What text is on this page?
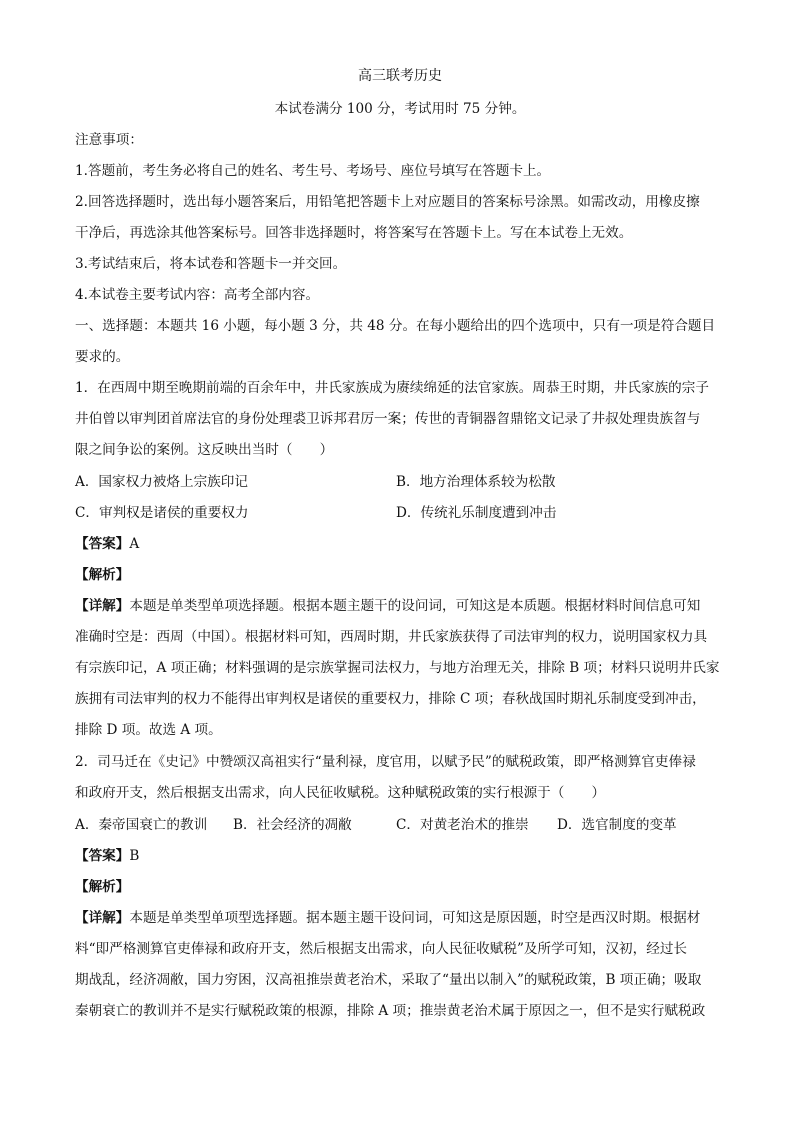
高三联考历史
本试卷满分 100 分，考试用时 75 分钟。
注意事项：
1.答题前，考生务必将自己的姓名、考生号、考场号、座位号填写在答题卡上。
2.回答选择题时，选出每小题答案后，用铅笔把答题卡上对应题目的答案标号涂黑。如需改动，用橡皮擦
干净后，再选涂其他答案标号。回答非选择题时，将答案写在答题卡上。写在本试卷上无效。
3.考试结束后，将本试卷和答题卡一并交回。
4.本试卷主要考试内容：高考全部内容。
一、选择题：本题共 16 小题，每小题 3 分，共 48 分。在每小题给出的四个选项中，只有一项是符合题目
要求的。
1．在西周中期至晚期前端的百余年中，井氏家族成为赓续绵延的法官家族。周恭王时期，井氏家族的宗子
井伯曾以审判团首席法官的身份处理裘卫诉邦君厉一案；传世的青铜器曶鼎铭文记录了井叔处理贵族曶与
限之间争讼的案例。这反映出当时（　　）
A．国家权力被烙上宗族印记	B．地方治理体系较为松散
C．审判权是诸侯的重要权力	D．传统礼乐制度遭到冲击
【答案】A
【解析】
【详解】本题是单类型单项选择题。根据本题主题干的设问词，可知这是本质题。根据材料时间信息可知
准确时空是：西周（中国）。根据材料可知，西周时期，井氏家族获得了司法审判的权力，说明国家权力具
有宗族印记，A 项正确；材料强调的是宗族掌握司法权力，与地方治理无关，排除 B 项；材料只说明井氏家
族拥有司法审判的权力不能得出审判权是诸侯的重要权力，排除 C 项；春秋战国时期礼乐制度受到冲击，
排除 D 项。故选 A 项。
2．司马迁在《史记》中赞颂汉高祖实行“量利禄，度官用，以赋予民”的赋税政策，即严格测算官吏俸禄
和政府开支，然后根据支出需求，向人民征收赋税。这种赋税政策的实行根源于（　　）
A．秦帝国衰亡的教训 B．社会经济的凋敝	C．对黄老治术的推崇 D．选官制度的变革
【答案】B
【解析】
【详解】本题是单类型单项型选择题。据本题主题干设问词，可知这是原因题，时空是西汉时期。根据材
料“即严格测算官吏俸禄和政府开支，然后根据支出需求，向人民征收赋税”及所学可知，汉初，经过长
期战乱，经济凋敝，国力穷困，汉高祖推崇黄老治术，采取了“量出以制入”的赋税政策，B 项正确；吸取
秦朝衰亡的教训并不是实行赋税政策的根源，排除 A 项；推崇黄老治术属于原因之一，但不是实行赋税政
